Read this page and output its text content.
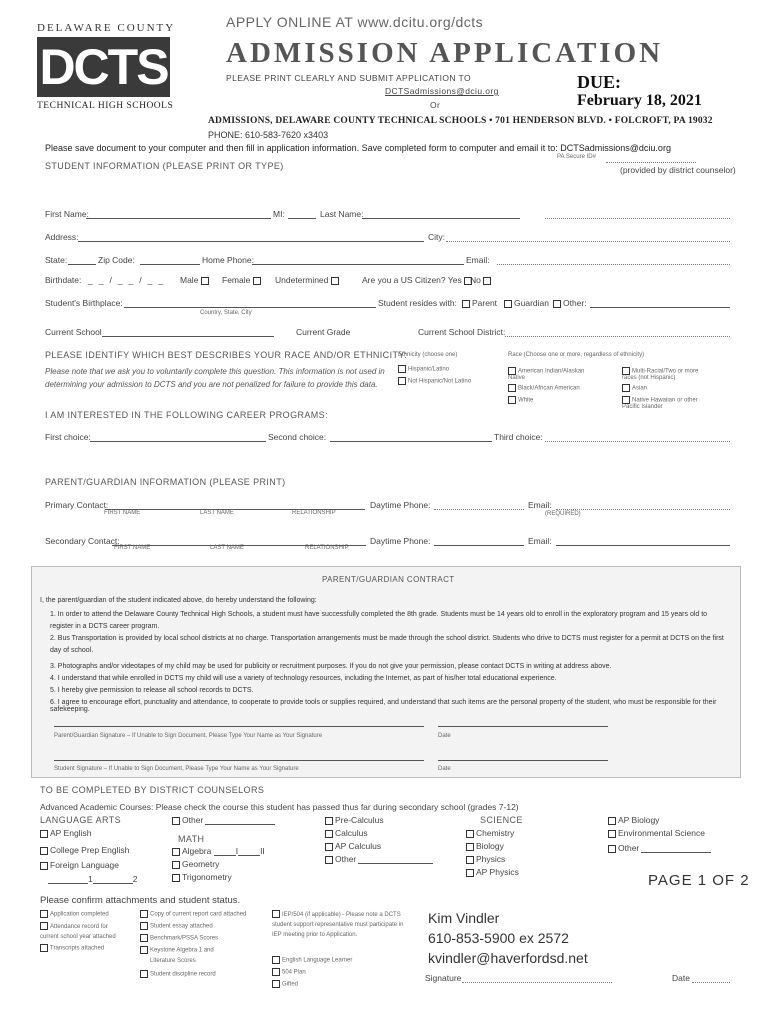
DELAWARE COUNTY
DCTS
TECHNICAL HIGH SCHOOLS
APPLY ONLINE AT www.dcitu.org/dcts
ADMISSION APPLICATION
PLEASE PRINT CLEARLY AND SUBMIT APPLICATION TO
DCTSadmissions@dciu.org
Or
DUE:
February 18, 2021
ADMISSIONS, DELAWARE COUNTY TECHNICAL SCHOOLS • 701 HENDERSON BLVD. • FOLCROFT, PA 19032
PHONE: 610-583-7620 x3403
Please save document to your computer and then fill in application information. Save completed form to computer and email it to: DCTSadmissions@dciu.org
PA Secure ID#
(provided by district counselor)
STUDENT INFORMATION (PLEASE PRINT OR TYPE)
First Name:	MI:	Last Name:
Address:	City:
State:	Zip Code:	Home Phone:	Email:
Birthdate: __/__/__ Male	Female	Undetermined	Are you a US Citizen? Yes No
Student's Birthplace:
Country, State, City
Student resides with:	Parent	Guardian	Other:
Current School	Current Grade	Current School District:
PLEASE IDENTIFY WHICH BEST DESCRIBES YOUR RACE AND/OR ETHNICITY:
Please note that we ask you to voluntarily complete this question. This information is not used in
determining your admission to DCTS and you are not penalized for failure to provide this data.
Ethnicity (choose one)
Hispanic/Latino
Not Hispanic/Not Latino
Race (Choose one or more, regardless of ethnicity)
American Indian/Alaskan Native
Black/African American
White
Multi-Racial/Two or more races (not Hispanic)
Asian
Native Hawaiian or other Pacific Islander
I AM INTERESTED IN THE FOLLOWING CAREER PROGRAMS:
First choice:	Second choice:	Third choice:
PARENT/GUARDIAN INFORMATION (PLEASE PRINT)
Primary Contact:
FIRST NAME	LAST NAME	RELATIONSHIP
Daytime Phone:	Email:
(REQUIRED)
Secondary Contact:
FIRST NAME	LAST NAME	RELATIONSHIP
Daytime Phone:	Email:
PARENT/GUARDIAN CONTRACT
I, the parent/guardian of the student indicated above, do hereby understand the following:
1. In order to attend the Delaware County Technical High Schools, a student must have successfully completed the 8th grade. Students must be 14 years old to enroll in the exploratory program and 15 years old to register in a DCTS career program.
2. Bus Transportation is provided by local school districts at no charge. Transportation arrangements must be made through the school district. Students who drive to DCTS must register for a permit at DCTS on the first day of school.
3. Photographs and/or videotapes of my child may be used for publicity or recruitment purposes. If you do not give your permission, please contact DCTS in writing at address above.
4. I understand that while enrolled in DCTS my child will use a variety of technology resources, including the Internet, as part of his/her total educational experience.
5. I hereby give permission to release all school records to DCTS.
6. I agree to encourage effort, punctuality and attendance, to cooperate to provide tools or supplies required, and understand that such items are the personal property of the student, who must be responsible for their safekeeping.
Parent/Guardian Signature – If Unable to Sign Document, Please Type Your Name as Your Signature	Date
Student Signature – If Unable to Sign Document, Please Type Your Name as Your Signature	Date
TO BE COMPLETED BY DISTRICT COUNSELORS
Advanced Academic Courses: Please check the course this student has passed thus far during secondary school (grades 7-12)
LANGUAGE ARTS
AP English
College Prep English
Foreign Language
1	2
Other
MATH
Algebra	I	II
Geometry
Trigonometry
Pre-Calculus
Calculus
AP Calculus
Other
SCIENCE
Chemistry
Biology
Physics
AP Physics
AP Biology
Environmental Science
Other
PAGE 1 OF 2
Please confirm attachments and student status.
Application completed
Attendance record for current school year attached
Transcripts attached
Copy of current report card attached
Student essay attached
Benchmark/PSSA Scores
Keystone Algebra 1 and
Literature Scores
Student discipline record
IEP/504 (if applicable) - Please note a DCTS student support representative must participate in IEP meeting prior to Application.
English Language Learner
504 Plan
Gifted
Kim Vindler
610-853-5900 ex 2572
kvindler@haverfordsd.net
Signature	Date
